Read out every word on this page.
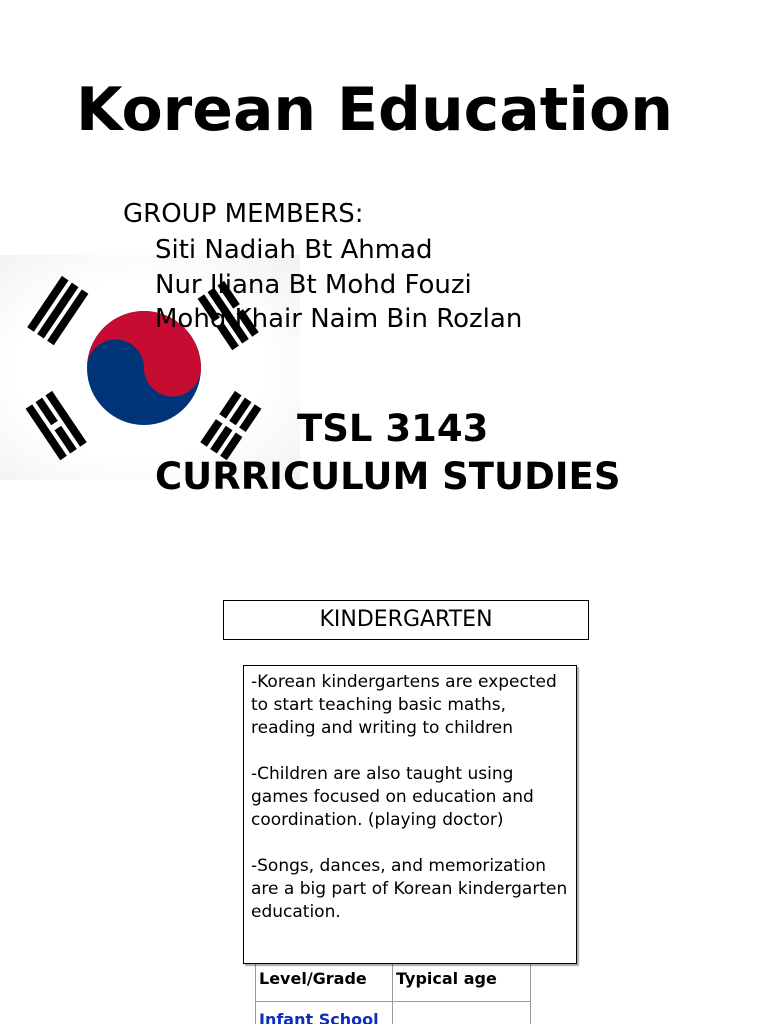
Korean Education
GROUP MEMBERS:
Siti Nadiah Bt Ahmad
Nur Iliana Bt Mohd Fouzi
Mohd Khair Naim Bin Rozlan
TSL 3143
CURRICULUM STUDIES
KINDERGARTEN
Level/Grade	Typical age
Infant School	

-Korean kindergartens are expected to start teaching basic maths, reading and writing to children

-Children are also taught using games focused on education and coordination. (playing doctor)

-Songs, dances, and memorization are a big part of Korean kindergarten education.
